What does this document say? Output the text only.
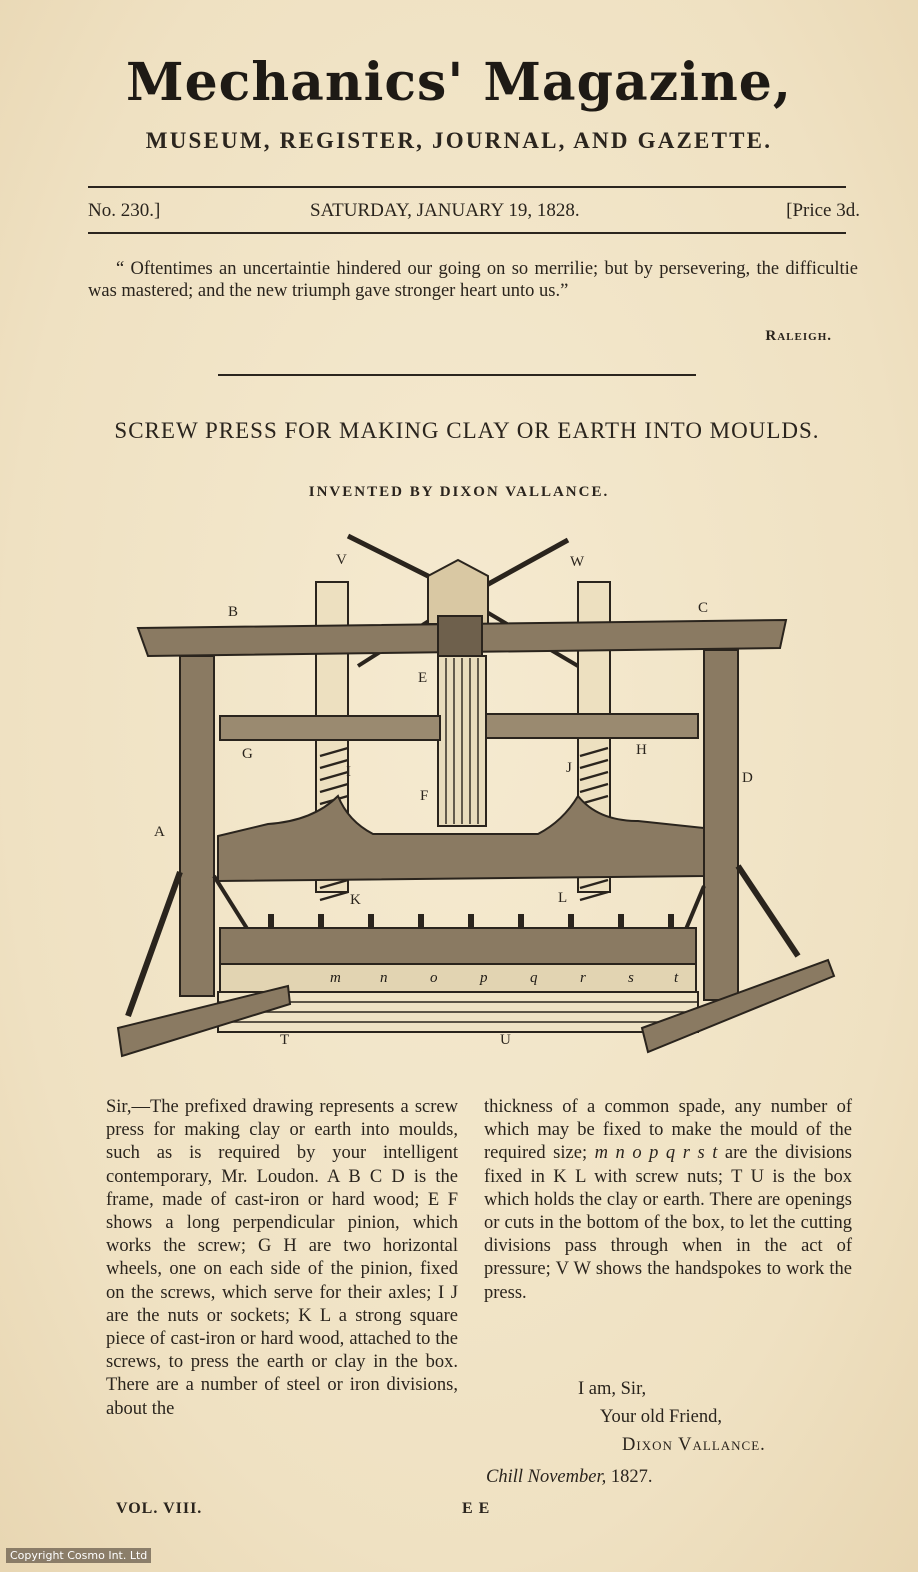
Mechanics' Magazine,
MUSEUM, REGISTER, JOURNAL, AND GAZETTE.
No. 230.]	SATURDAY, JANUARY 19, 1828.	[Price 3d.
“ Oftentimes an uncertaintie hindered our going on so merrilie; but by persevering, the difficultie was mastered; and the new triumph gave stronger heart unto us.”
Raleigh.
SCREW PRESS FOR MAKING CLAY OR EARTH INTO MOULDS.
INVENTED BY DIXON VALLANCE.
V	W
B	C
E
G	H
I	J
D
F
A
K	L
T	U
m	n	o	p	q	r	s	t
Sir,—The prefixed drawing represents a screw press for making clay or earth into moulds, such as is required by your intelligent contemporary, Mr. Loudon. A B C D is the frame, made of cast-iron or hard wood; E F shows a long perpendicular pinion, which works the screw; G H are two horizontal wheels, one on each side of the pinion, fixed on the screws, which serve for their axles; I J are the nuts or sockets; K L a strong square piece of cast-iron or hard wood, attached to the screws, to press the earth or clay in the box. There are a number of steel or iron divisions, about the
thickness of a common spade, any number of which may be fixed to make the mould of the required size; m n o p q r s t are the divisions fixed in K L with screw nuts; T U is the box which holds the clay or earth. There are openings or cuts in the bottom of the box, to let the cutting divisions pass through when in the act of pressure; V W shows the handspokes to work the press.
I am, Sir,
Your old Friend,
Dixon Vallance.
Chill November, 1827.
VOL. VIII.	E E
Copyright Cosmo Int. Ltd
